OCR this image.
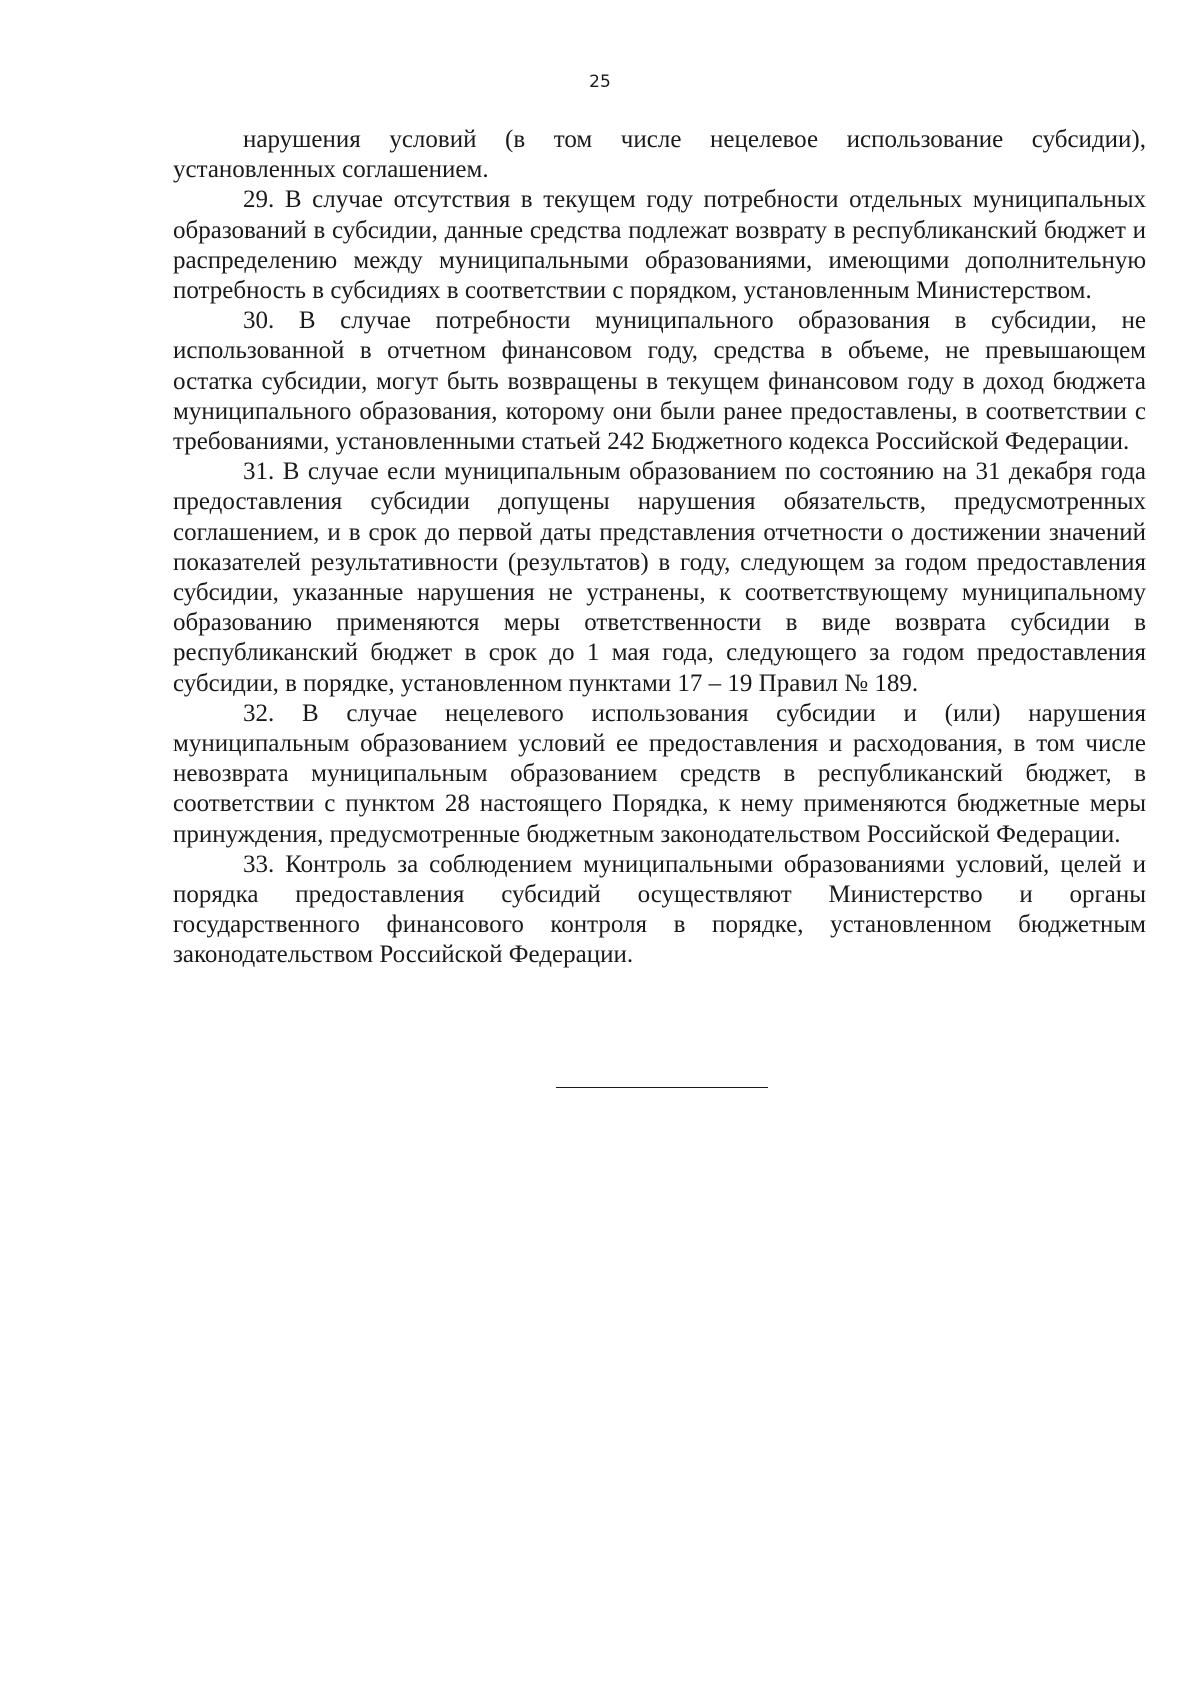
25

нарушения условий (в том числе нецелевое использование субсидии), установленных соглашением.

29. В случае отсутствия в текущем году потребности отдельных муниципальных образований в субсидии, данные средства подлежат возврату в республиканский бюджет и распределению между муниципальными образованиями, имеющими дополнительную потребность в субсидиях в соответствии с порядком, установленным Министерством.

30. В случае потребности муниципального образования в субсидии, не использованной в отчетном финансовом году, средства в объеме, не превышающем остатка субсидии, могут быть возвращены в текущем финансовом году в доход бюджета муниципального образования, которому они были ранее предоставлены, в соответствии с требованиями, установленными статьей 242 Бюджетного кодекса Российской Федерации.

31. В случае если муниципальным образованием по состоянию на 31 декабря года предоставления субсидии допущены нарушения обязательств, предусмотренных соглашением, и в срок до первой даты представления отчетности о достижении значений показателей результативности (результатов) в году, следующем за годом предоставления субсидии, указанные нарушения не устранены, к соответствующему муниципальному образованию применяются меры ответственности в виде возврата субсидии в республиканский бюджет в срок до 1 мая года, следующего за годом предоставления субсидии, в порядке, установленном пунктами 17 – 19 Правил № 189.

32. В случае нецелевого использования субсидии и (или) нарушения муниципальным образованием условий ее предоставления и расходования, в том числе невозврата муниципальным образованием средств в республиканский бюджет, в соответствии с пунктом 28 настоящего Порядка, к нему применяются бюджетные меры принуждения, предусмотренные бюджетным законодательством Российской Федерации.

33. Контроль за соблюдением муниципальными образованиями условий, целей и порядка предоставления субсидий осуществляют Министерство и органы государственного финансового контроля в порядке, установленном бюджетным законодательством Российской Федерации.
